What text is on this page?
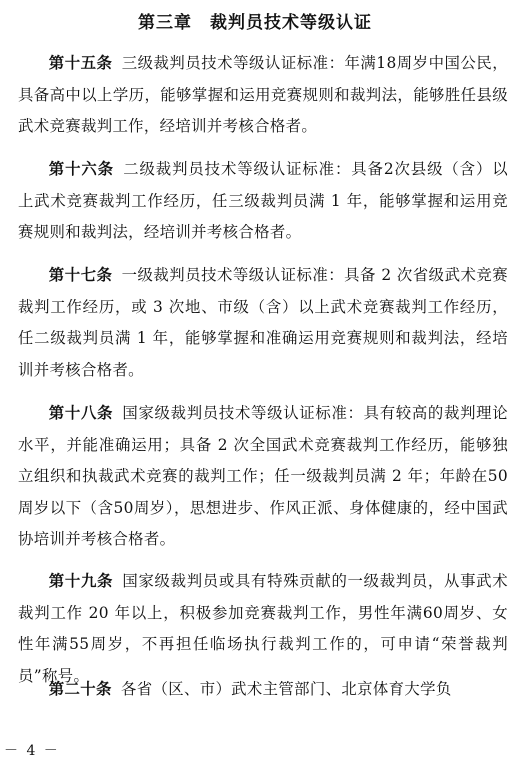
第三章　裁判员技术等级认证

第十五条 三级裁判员技术等级认证标准：年满18周岁中国公民，具备高中以上学历，能够掌握和运用竞赛规则和裁判法，能够胜任县级武术竞赛裁判工作，经培训并考核合格者。

第十六条 二级裁判员技术等级认证标准：具备2次县级（含）以上武术竞赛裁判工作经历，任三级裁判员满 1 年，能够掌握和运用竞赛规则和裁判法，经培训并考核合格者。

第十七条 一级裁判员技术等级认证标准：具备 2 次省级武术竞赛裁判工作经历，或 3 次地、市级（含）以上武术竞赛裁判工作经历，任二级裁判员满 1 年，能够掌握和准确运用竞赛规则和裁判法，经培训并考核合格者。

第十八条 国家级裁判员技术等级认证标准：具有较高的裁判理论水平，并能准确运用；具备 2 次全国武术竞赛裁判工作经历，能够独立组织和执裁武术竞赛的裁判工作；任一级裁判员满 2 年；年龄在50周岁以下（含50周岁），思想进步、作风正派、身体健康的，经中国武协培训并考核合格者。

第十九条 国家级裁判员或具有特殊贡献的一级裁判员，从事武术裁判工作 20 年以上，积极参加竞赛裁判工作，男性年满60周岁、女性年满55周岁，不再担任临场执行裁判工作的，可申请“荣誉裁判员”称号。

第二十条 各省（区、市）武术主管部门、北京体育大学负

－ 4 －
